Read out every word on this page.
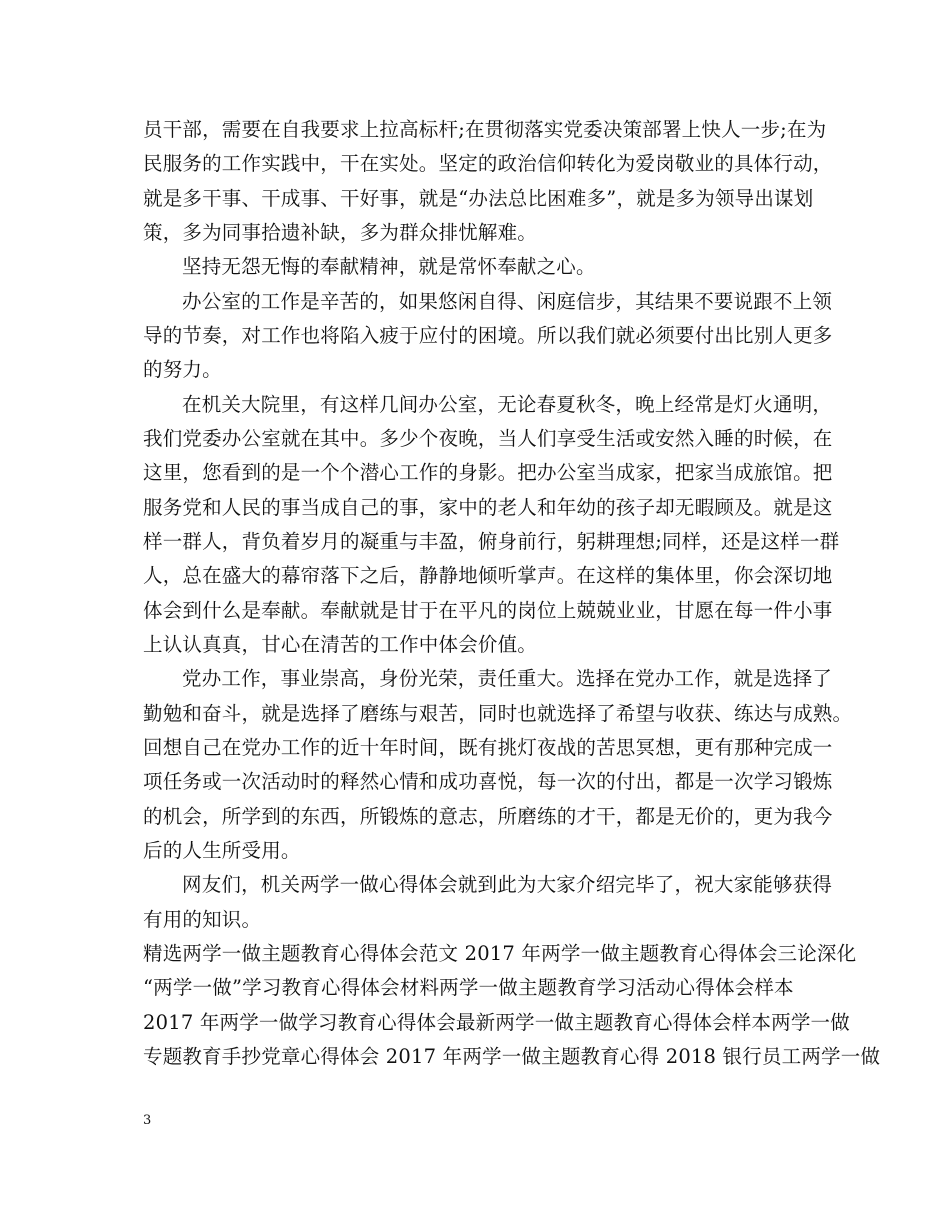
员干部，需要在自我要求上拉高标杆;在贯彻落实党委决策部署上快人一步;在为
民服务的工作实践中，干在实处。坚定的政治信仰转化为爱岗敬业的具体行动，
就是多干事、干成事、干好事，就是“办法总比困难多”，就是多为领导出谋划
策，多为同事拾遗补缺，多为群众排忧解难。
坚持无怨无悔的奉献精神，就是常怀奉献之心。
办公室的工作是辛苦的，如果悠闲自得、闲庭信步，其结果不要说跟不上领
导的节奏，对工作也将陷入疲于应付的困境。所以我们就必须要付出比别人更多
的努力。
在机关大院里，有这样几间办公室，无论春夏秋冬，晚上经常是灯火通明，
我们党委办公室就在其中。多少个夜晚，当人们享受生活或安然入睡的时候，在
这里，您看到的是一个个潜心工作的身影。把办公室当成家，把家当成旅馆。把
服务党和人民的事当成自己的事，家中的老人和年幼的孩子却无暇顾及。就是这
样一群人，背负着岁月的凝重与丰盈，俯身前行，躬耕理想;同样，还是这样一群
人，总在盛大的幕帘落下之后，静静地倾听掌声。在这样的集体里，你会深切地
体会到什么是奉献。奉献就是甘于在平凡的岗位上兢兢业业，甘愿在每一件小事
上认认真真，甘心在清苦的工作中体会价值。
党办工作，事业崇高，身份光荣，责任重大。选择在党办工作，就是选择了
勤勉和奋斗，就是选择了磨练与艰苦，同时也就选择了希望与收获、练达与成熟。
回想自己在党办工作的近十年时间，既有挑灯夜战的苦思冥想，更有那种完成一
项任务或一次活动时的释然心情和成功喜悦，每一次的付出，都是一次学习锻炼
的机会，所学到的东西，所锻炼的意志，所磨练的才干，都是无价的，更为我今
后的人生所受用。
网友们，机关两学一做心得体会就到此为大家介绍完毕了，祝大家能够获得
有用的知识。
精选两学一做主题教育心得体会范文 2017 年两学一做主题教育心得体会三论深化
“两学一做”学习教育心得体会材料两学一做主题教育学习活动心得体会样本
2017 年两学一做学习教育心得体会最新两学一做主题教育心得体会样本两学一做
专题教育手抄党章心得体会 2017 年两学一做主题教育心得 2018 银行员工两学一做
3
